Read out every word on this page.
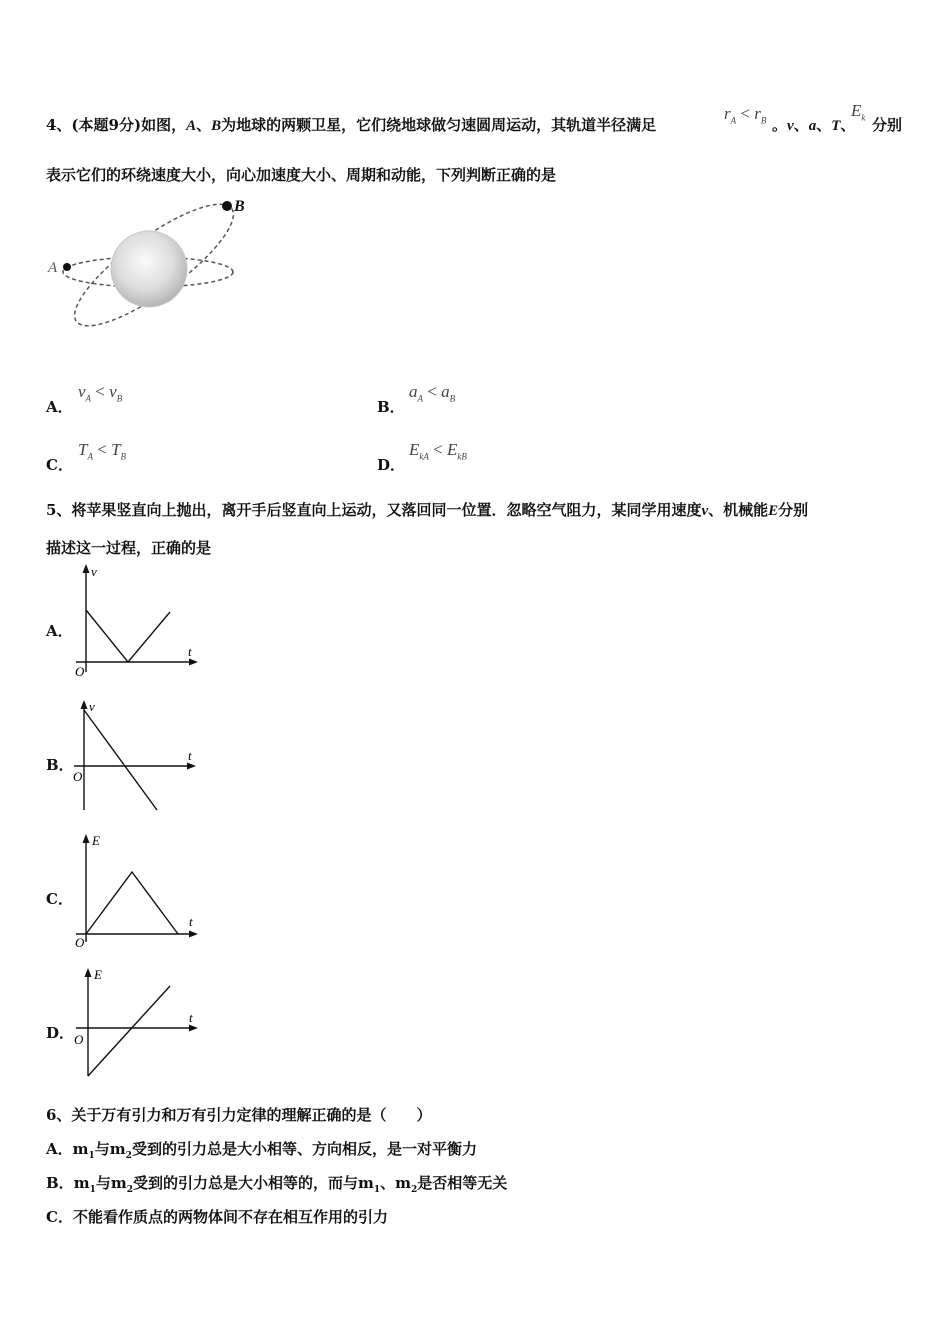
4、(本题9分)如图，A、B为地球的两颗卫星，它们绕地球做匀速圆周运动，其轨道半径满足
$r_A < r_B$ 。v、a、T、
$E_k$ 分别
表示它们的环绕速度大小，向心加速度大小、周期和动能，下列判断正确的是
A
B
A．
$v_A < v_B$	B．
$a_A < a_B$
C．
$T_A < T_B$	D．
$E_{kA} < E_{kB}$
5、将苹果竖直向上抛出，离开手后竖直向上运动，又落回同一位置．忽略空气阻力，某同学用速度v、机械能E分别
描述这一过程，正确的是
A．
v
t
O
B．
v
t
O
C．
E
t
O
D．
E
t
O
6、关于万有引力和万有引力定律的理解正确的是（　　）
A．$m_1$与$m_2$受到的引力总是大小相等、方向相反，是一对平衡力
B．$m_1$与$m_2$受到的引力总是大小相等的，而与$m_1$、$m_2$是否相等无关
C．不能看作质点的两物体间不存在相互作用的引力
